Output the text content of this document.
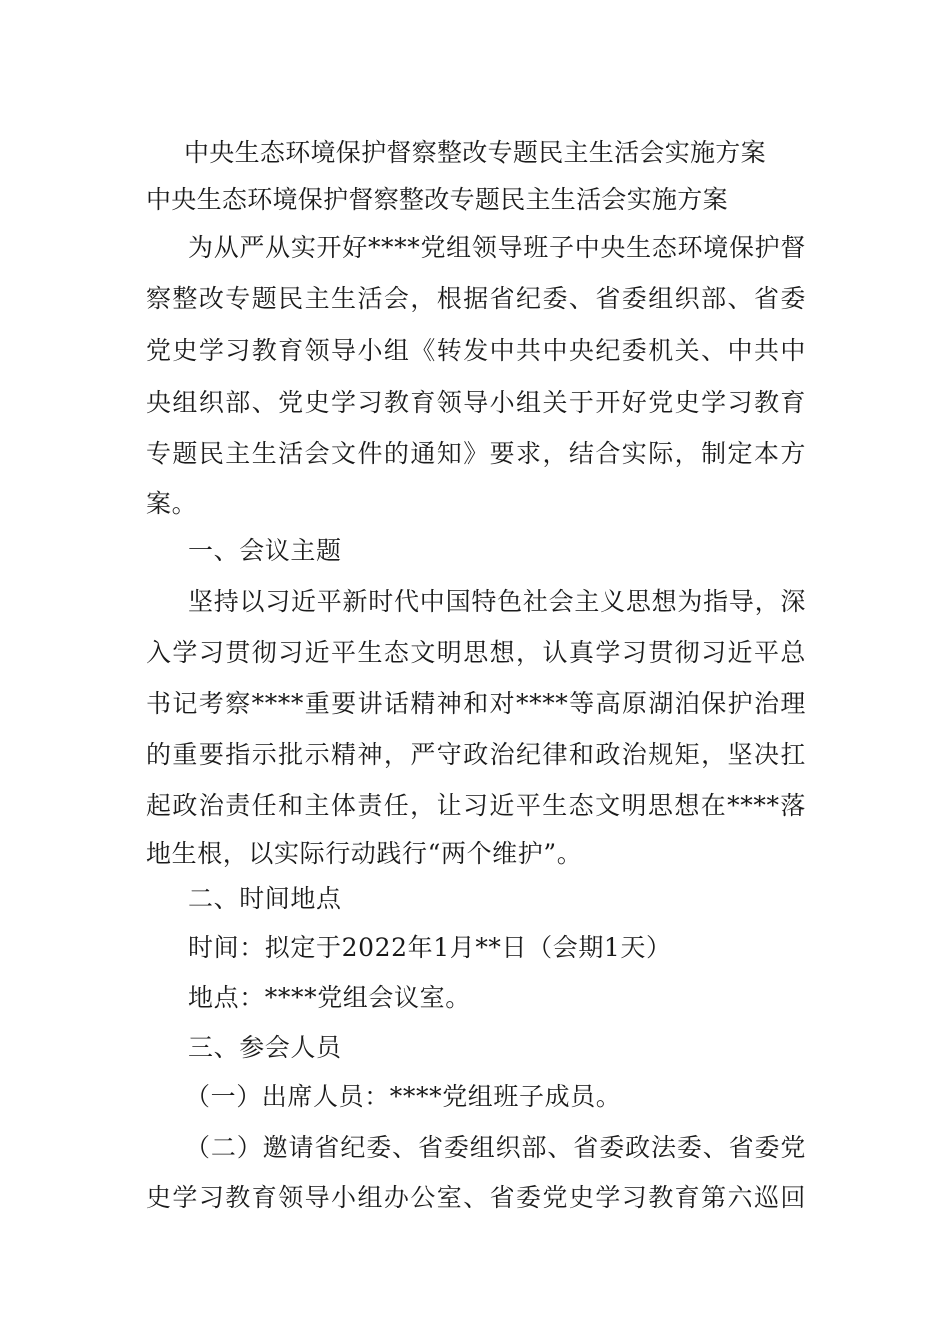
中央生态环境保护督察整改专题民主生活会实施方案
中央生态环境保护督察整改专题民主生活会实施方案
为从严从实开好****党组领导班子中央生态环境保护督
察整改专题民主生活会，根据省纪委、省委组织部、省委
党史学习教育领导小组《转发中共中央纪委机关、中共中
央组织部、党史学习教育领导小组关于开好党史学习教育
专题民主生活会文件的通知》要求，结合实际，制定本方
案。
一、会议主题
坚持以习近平新时代中国特色社会主义思想为指导，深
入学习贯彻习近平生态文明思想，认真学习贯彻习近平总
书记考察****重要讲话精神和对****等高原湖泊保护治理
的重要指示批示精神，严守政治纪律和政治规矩，坚决扛
起政治责任和主体责任，让习近平生态文明思想在****落
地生根，以实际行动践行“两个维护”。
二、时间地点
时间：拟定于2022年1月**日（会期1天）
地点：****党组会议室。
三、参会人员
（一）出席人员：****党组班子成员。
（二）邀请省纪委、省委组织部、省委政法委、省委党
史学习教育领导小组办公室、省委党史学习教育第六巡回
